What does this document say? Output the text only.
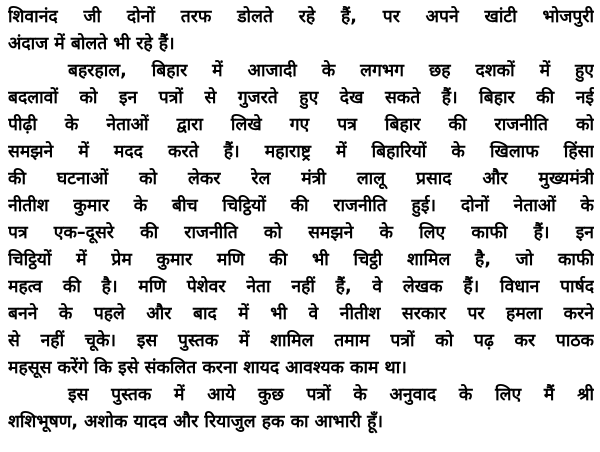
शिवानंद जी दोनों तरफ डोलते रहे हैं, पर अपने खांटी भोजपुरी
अंदाज में बोलते भी रहे हैं।
बहरहाल, बिहार में आजादी के लगभग छह दशकों में हुए
बदलावों को इन पत्रों से गुजरते हुए देख सकते हैं। बिहार की नई
पीढ़ी के नेताओं द्वारा लिखे गए पत्र बिहार की राजनीति को
समझने में मदद करते हैं। महाराष्ट्र में बिहारियों के खिलाफ हिंसा
की घटनाओं को लेकर रेल मंत्री लालू प्रसाद और मुख्यमंत्री
नीतीश कुमार के बीच चिट्ठियों की राजनीति हुई। दोनों नेताओं के
पत्र एक–दूसरे की राजनीति को समझने के लिए काफी हैं। इन
चिट्ठियों में प्रेम कुमार मणि की भी चिट्ठी शामिल है, जो काफी
महत्व की है। मणि पेशेवर नेता नहीं हैं, वे लेखक हैं। विधान पार्षद
बनने के पहले और बाद में भी वे नीतीश सरकार पर हमला करने
से नहीं चूके। इस पुस्तक में शामिल तमाम पत्रों को पढ़ कर पाठक
महसूस करेंगे कि इसे संकलित करना शायद आवश्यक काम था।
इस पुस्तक में आये कुछ पत्रों के अनुवाद के लिए मैं श्री
शशिभूषण, अशोक यादव और रियाजुल हक का आभारी हूँ।
